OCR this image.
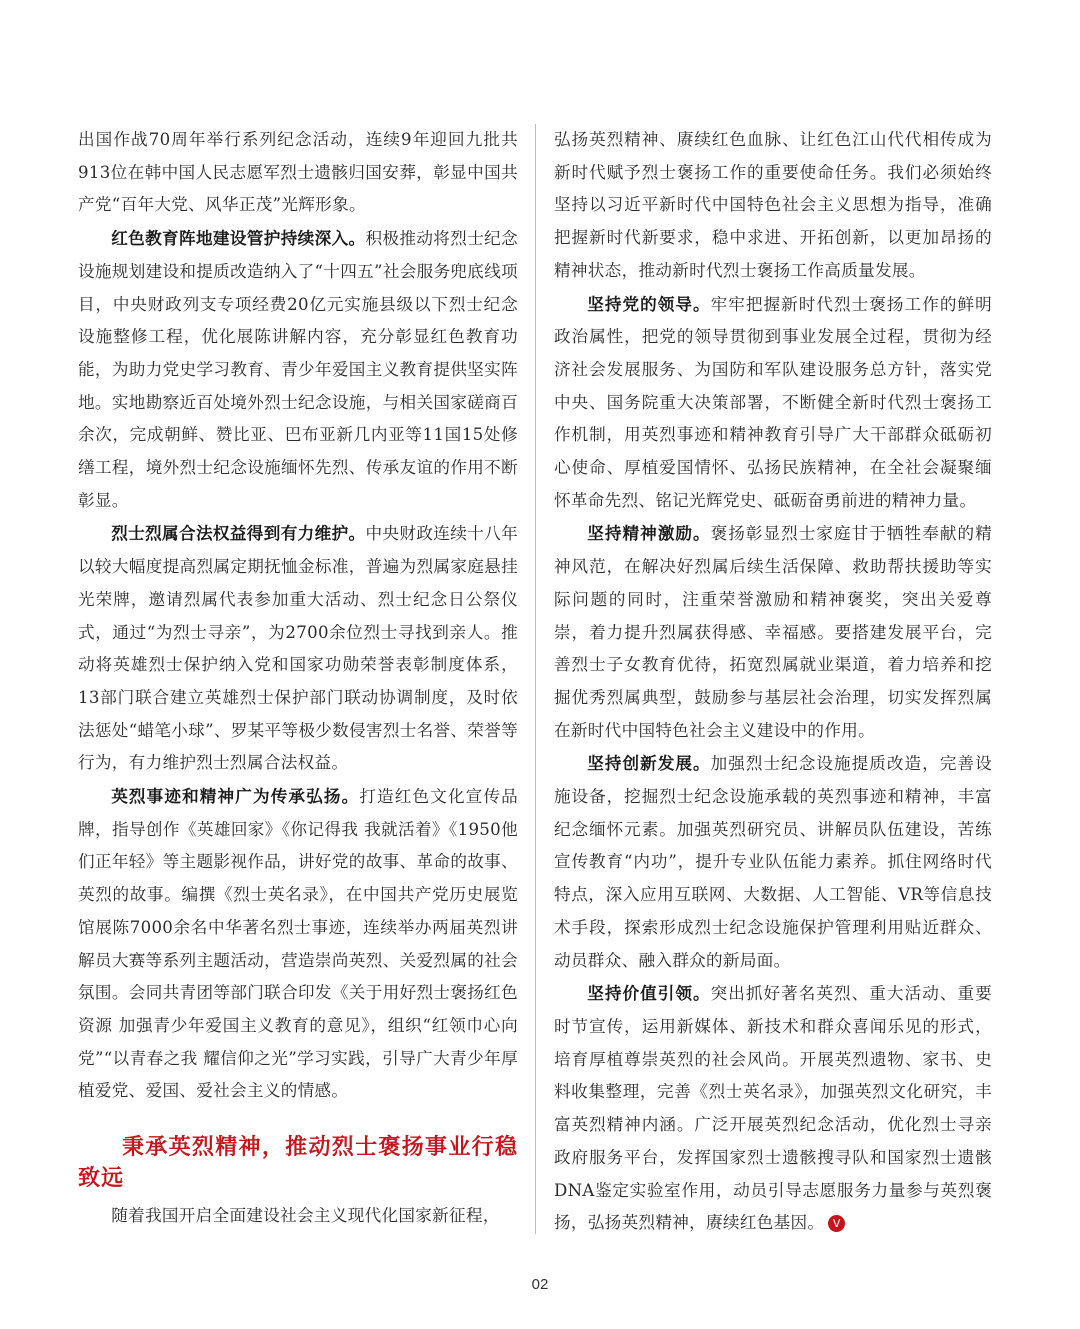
出国作战70周年举行系列纪念活动，连续9年迎回九批共913位在韩中国人民志愿军烈士遗骸归国安葬，彰显中国共产党“百年大党、风华正茂”光辉形象。

红色教育阵地建设管护持续深入。积极推动将烈士纪念设施规划建设和提质改造纳入了“十四五”社会服务兜底线项目，中央财政列支专项经费20亿元实施县级以下烈士纪念设施整修工程，优化展陈讲解内容，充分彰显红色教育功能，为助力党史学习教育、青少年爱国主义教育提供坚实阵地。实地勘察近百处境外烈士纪念设施，与相关国家磋商百余次，完成朝鲜、赞比亚、巴布亚新几内亚等11国15处修缮工程，境外烈士纪念设施缅怀先烈、传承友谊的作用不断彰显。

烈士烈属合法权益得到有力维护。中央财政连续十八年以较大幅度提高烈属定期抚恤金标准，普遍为烈属家庭悬挂光荣牌，邀请烈属代表参加重大活动、烈士纪念日公祭仪式，通过“为烈士寻亲”，为2700余位烈士寻找到亲人。推动将英雄烈士保护纳入党和国家功勋荣誉表彰制度体系，13部门联合建立英雄烈士保护部门联动协调制度，及时依法惩处“蜡笔小球”、罗某平等极少数侵害烈士名誉、荣誉等行为，有力维护烈士烈属合法权益。

英烈事迹和精神广为传承弘扬。打造红色文化宣传品牌，指导创作《英雄回家》《你记得我 我就活着》《1950他们正年轻》等主题影视作品，讲好党的故事、革命的故事、英烈的故事。编撰《烈士英名录》，在中国共产党历史展览馆展陈7000余名中华著名烈士事迹，连续举办两届英烈讲解员大赛等系列主题活动，营造崇尚英烈、关爱烈属的社会氛围。会同共青团等部门联合印发《关于用好烈士褒扬红色资源 加强青少年爱国主义教育的意见》，组织“红领巾心向党”“以青春之我 耀信仰之光”学习实践，引导广大青少年厚植爱党、爱国、爱社会主义的情感。

秉承英烈精神，推动烈士褒扬事业行稳致远

随着我国开启全面建设社会主义现代化国家新征程，

弘扬英烈精神、赓续红色血脉、让红色江山代代相传成为新时代赋予烈士褒扬工作的重要使命任务。我们必须始终坚持以习近平新时代中国特色社会主义思想为指导，准确把握新时代新要求，稳中求进、开拓创新，以更加昂扬的精神状态，推动新时代烈士褒扬工作高质量发展。

坚持党的领导。牢牢把握新时代烈士褒扬工作的鲜明政治属性，把党的领导贯彻到事业发展全过程，贯彻为经济社会发展服务、为国防和军队建设服务总方针，落实党中央、国务院重大决策部署，不断健全新时代烈士褒扬工作机制，用英烈事迹和精神教育引导广大干部群众砥砺初心使命、厚植爱国情怀、弘扬民族精神，在全社会凝聚缅怀革命先烈、铭记光辉党史、砥砺奋勇前进的精神力量。

坚持精神激励。褒扬彰显烈士家庭甘于牺牲奉献的精神风范，在解决好烈属后续生活保障、救助帮扶援助等实际问题的同时，注重荣誉激励和精神褒奖，突出关爱尊崇，着力提升烈属获得感、幸福感。要搭建发展平台，完善烈士子女教育优待，拓宽烈属就业渠道，着力培养和挖掘优秀烈属典型，鼓励参与基层社会治理，切实发挥烈属在新时代中国特色社会主义建设中的作用。

坚持创新发展。加强烈士纪念设施提质改造，完善设施设备，挖掘烈士纪念设施承载的英烈事迹和精神，丰富纪念缅怀元素。加强英烈研究员、讲解员队伍建设，苦练宣传教育“内功”，提升专业队伍能力素养。抓住网络时代特点，深入应用互联网、大数据、人工智能、VR等信息技术手段，探索形成烈士纪念设施保护管理利用贴近群众、动员群众、融入群众的新局面。

坚持价值引领。突出抓好著名英烈、重大活动、重要时节宣传，运用新媒体、新技术和群众喜闻乐见的形式，培育厚植尊崇英烈的社会风尚。开展英烈遗物、家书、史料收集整理，完善《烈士英名录》，加强英烈文化研究，丰富英烈精神内涵。广泛开展英烈纪念活动，优化烈士寻亲政府服务平台，发挥国家烈士遗骸搜寻队和国家烈士遗骸DNA鉴定实验室作用，动员引导志愿服务力量参与英烈褒扬，弘扬英烈精神，赓续红色基因。 V

02
